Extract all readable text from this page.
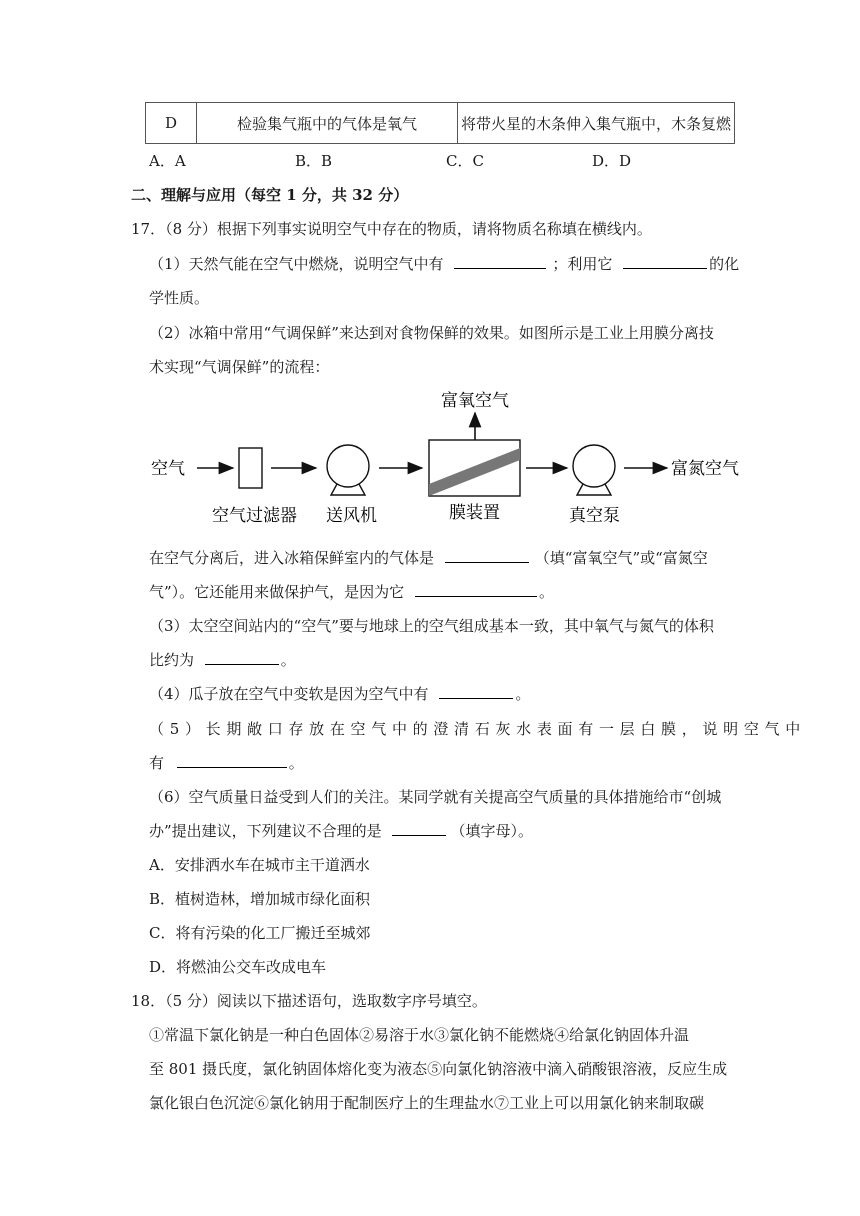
D	检验集气瓶中的气体是氧气	将带火星的木条伸入集气瓶中，木条复燃
A．A	B．B	C．C	D．D
二、理解与应用（每空 1 分，共 32 分）
17．（8 分）根据下列事实说明空气中存在的物质，请将物质名称填在横线内。
（1）天然气能在空气中燃烧，说明空气中有	；利用它	的化
学性质。
（2）冰箱中常用“气调保鲜”来达到对食物保鲜的效果。如图所示是工业上用膜分离技
术实现“气调保鲜”的流程：
空气
空气过滤器 送风机	膜装置	真空泵
富氧空气
富氮空气
在空气分离后，进入冰箱保鲜室内的气体是	（填“富氧空气”或“富氮空
气”）。它还能用来做保护气，是因为它	。
（3）太空空间站内的“空气”要与地球上的空气组成基本一致，其中氧气与氮气的体积
比约为	。
（4）瓜子放在空气中变软是因为空气中有	。
（5）长期敞口存放在空气中的澄清石灰水表面有一层白膜，说明空气中
有	。
（6）空气质量日益受到人们的关注。某同学就有关提高空气质量的具体措施给市“创城
办”提出建议，下列建议不合理的是	（填字母）。
A．安排洒水车在城市主干道洒水
B．植树造林，增加城市绿化面积
C．将有污染的化工厂搬迁至城郊
D．将燃油公交车改成电车
18．（5 分）阅读以下描述语句，选取数字序号填空。
①常温下氯化钠是一种白色固体②易溶于水③氯化钠不能燃烧④给氯化钠固体升温
至 801 摄氏度，氯化钠固体熔化变为液态⑤向氯化钠溶液中滴入硝酸银溶液，反应生成
氯化银白色沉淀⑥氯化钠用于配制医疗上的生理盐水⑦工业上可以用氯化钠来制取碳
